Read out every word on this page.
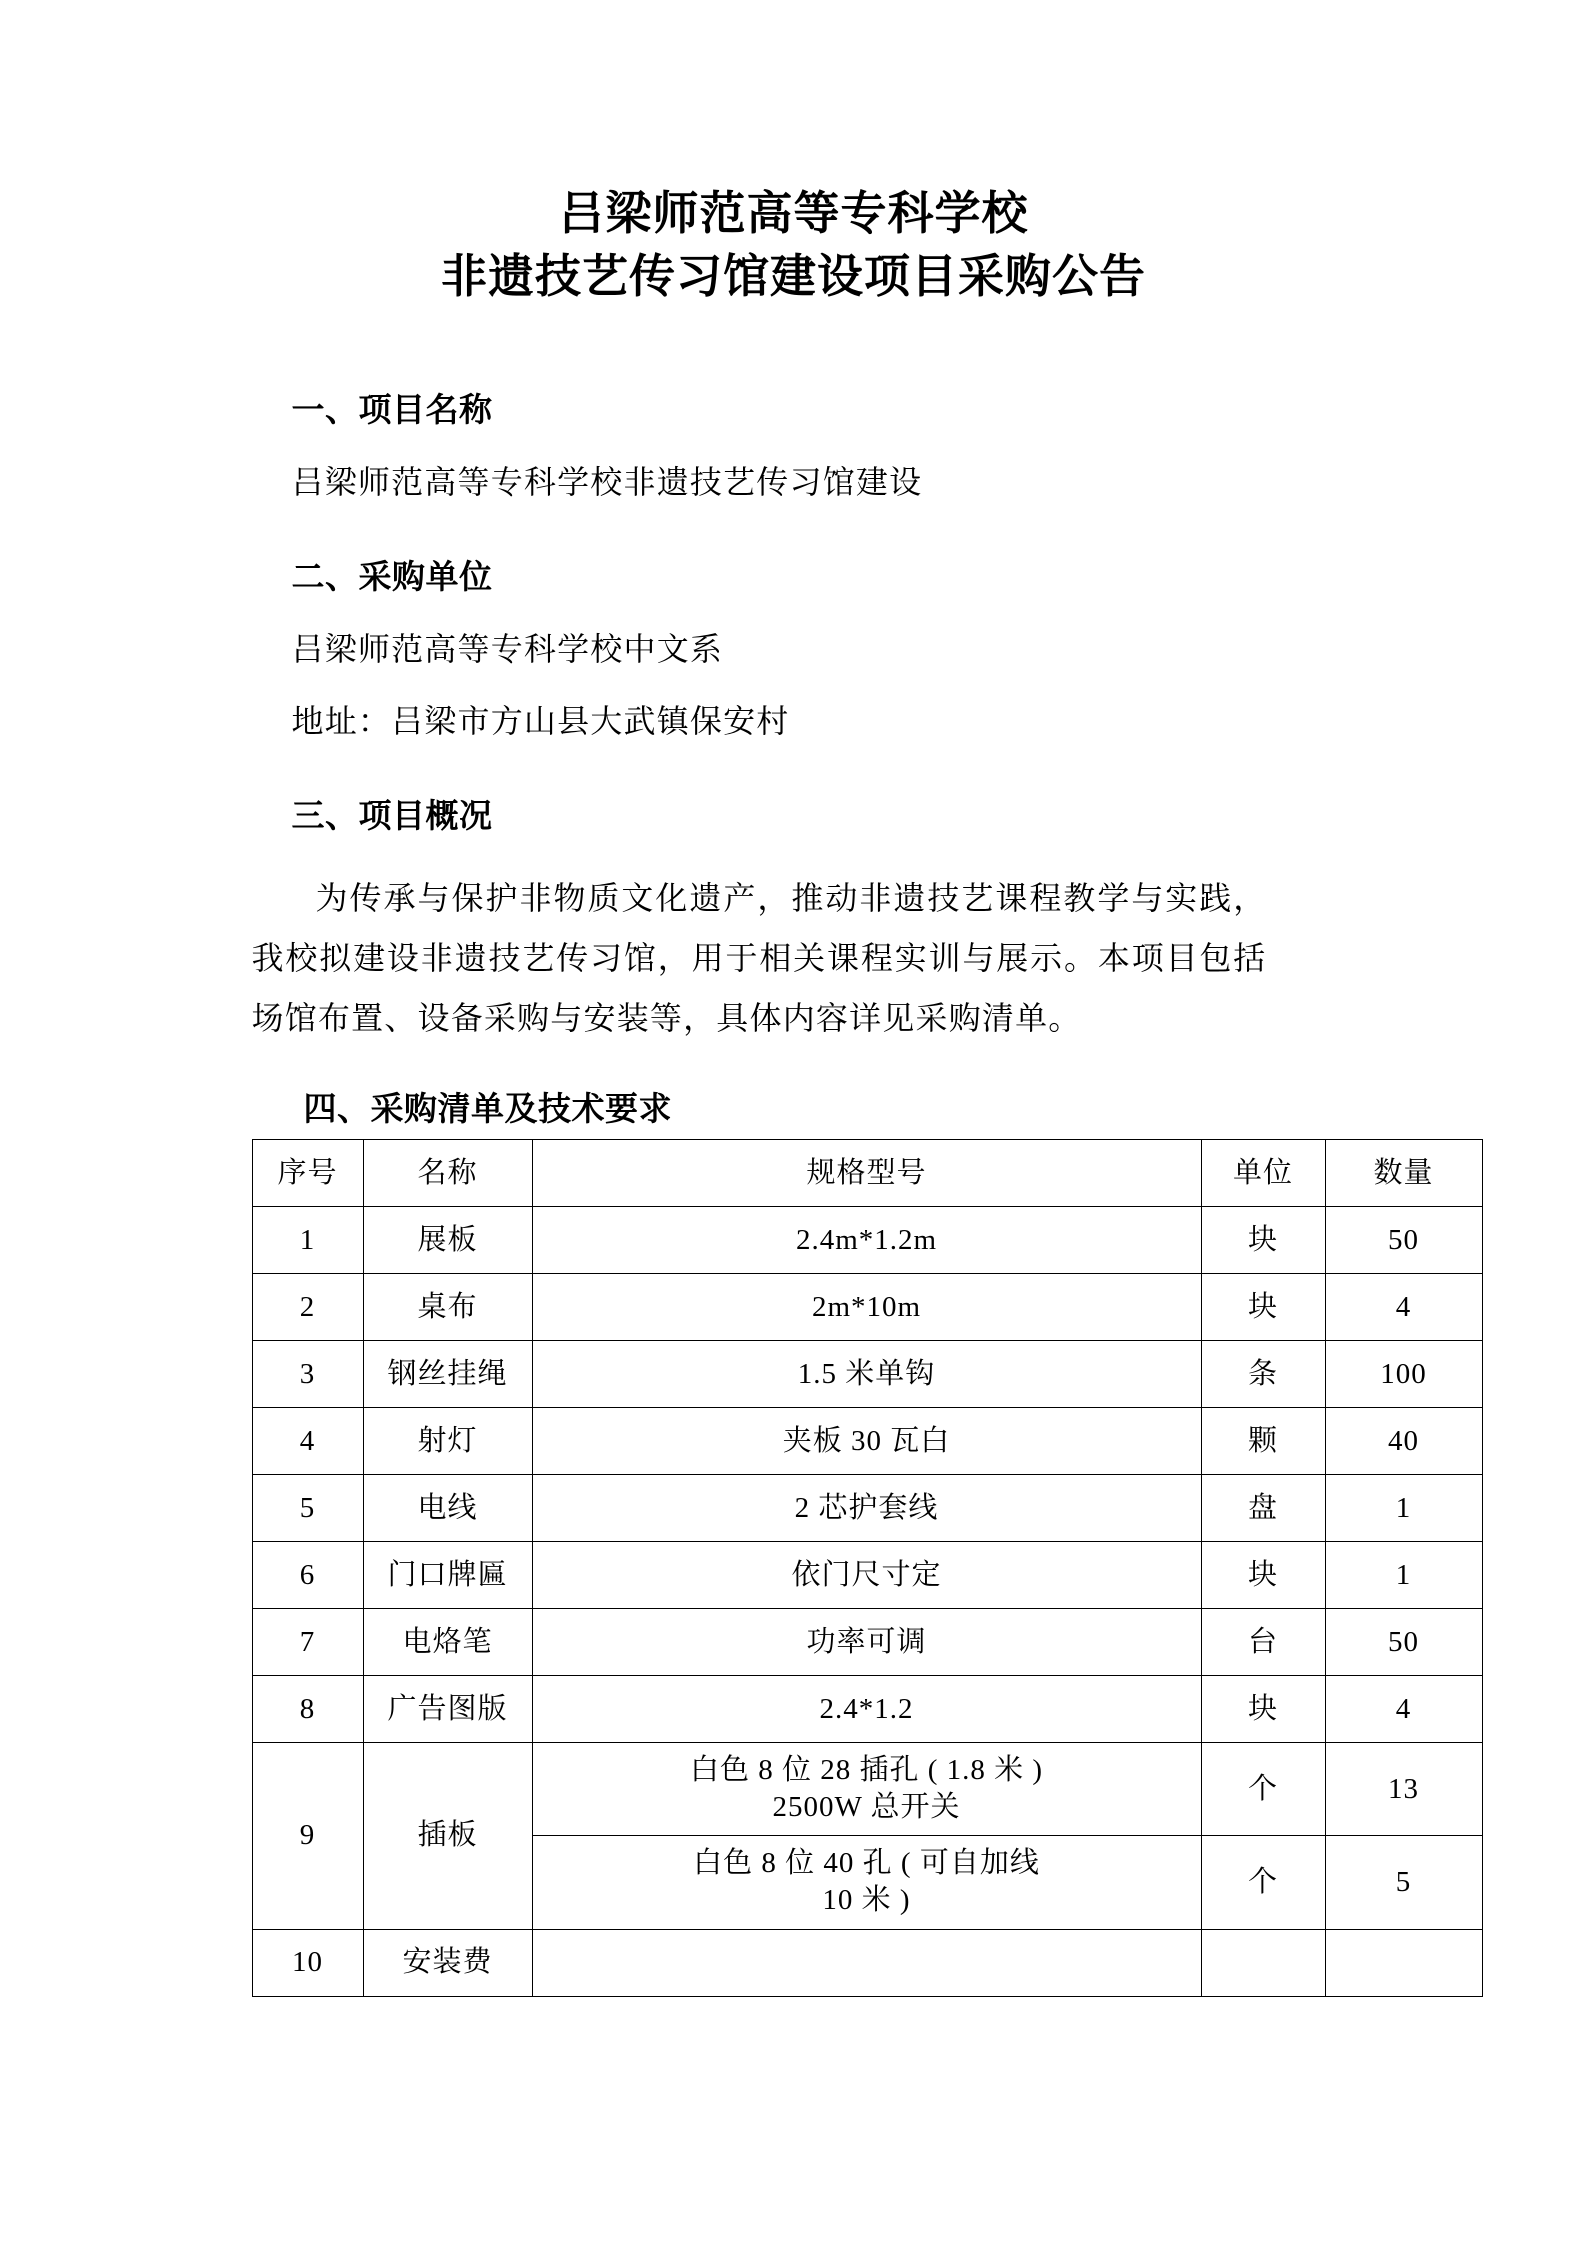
吕梁师范高等专科学校
非遗技艺传习馆建设项目采购公告
一、项目名称
吕梁师范高等专科学校非遗技艺传习馆建设
二、采购单位
吕梁师范高等专科学校中文系
地址：吕梁市方山县大武镇保安村
三、项目概况
为传承与保护非物质文化遗产，推动非遗技艺课程教学与实践，我校拟建设非遗技艺传习馆，用于相关课程实训与展示。本项目包括场馆布置、设备采购与安装等，具体内容详见采购清单。
四、采购清单及技术要求
序号	名称	规格型号	单位	数量
1	展板	2.4m*1.2m	块	50
2	桌布	2m*10m	块	4
3	钢丝挂绳	1.5 米单钩	条	100
4	射灯	夹板 30 瓦白	颗	40
5	电线	2 芯护套线	盘	1
6	门口牌匾	依门尺寸定	块	1
7	电烙笔	功率可调	台	50
8	广告图版	2.4*1.2	块	4
9	插板	白色 8 位 28 插孔 ( 1.8 米 )
2500W 总开关	个	13
		白色 8 位 40 孔 ( 可自加线
10 米 )	个	5
10	安装费			
